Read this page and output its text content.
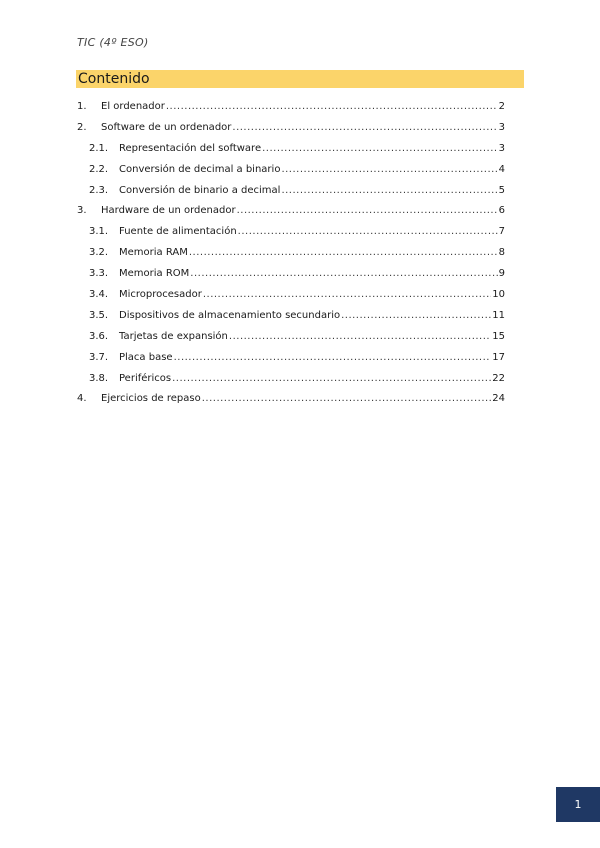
TIC (4º ESO)
Contenido
1.	El ordenador .....	2
2.	Software de un ordenador .....	3
2.1.	Representación del software .....	3
2.2.	Conversión de decimal a binario .....	4
2.3.	Conversión de binario a decimal .....	5
3.	Hardware de un ordenador .....	6
3.1.	Fuente de alimentación .....	7
3.2.	Memoria RAM .....	8
3.3.	Memoria ROM .....	9
3.4.	Microprocesador .....	10
3.5.	Dispositivos de almacenamiento secundario .....	11
3.6.	Tarjetas de expansión .....	15
3.7.	Placa base .....	17
3.8.	Periféricos .....	22
4.	Ejercicios de repaso .....	24
1
